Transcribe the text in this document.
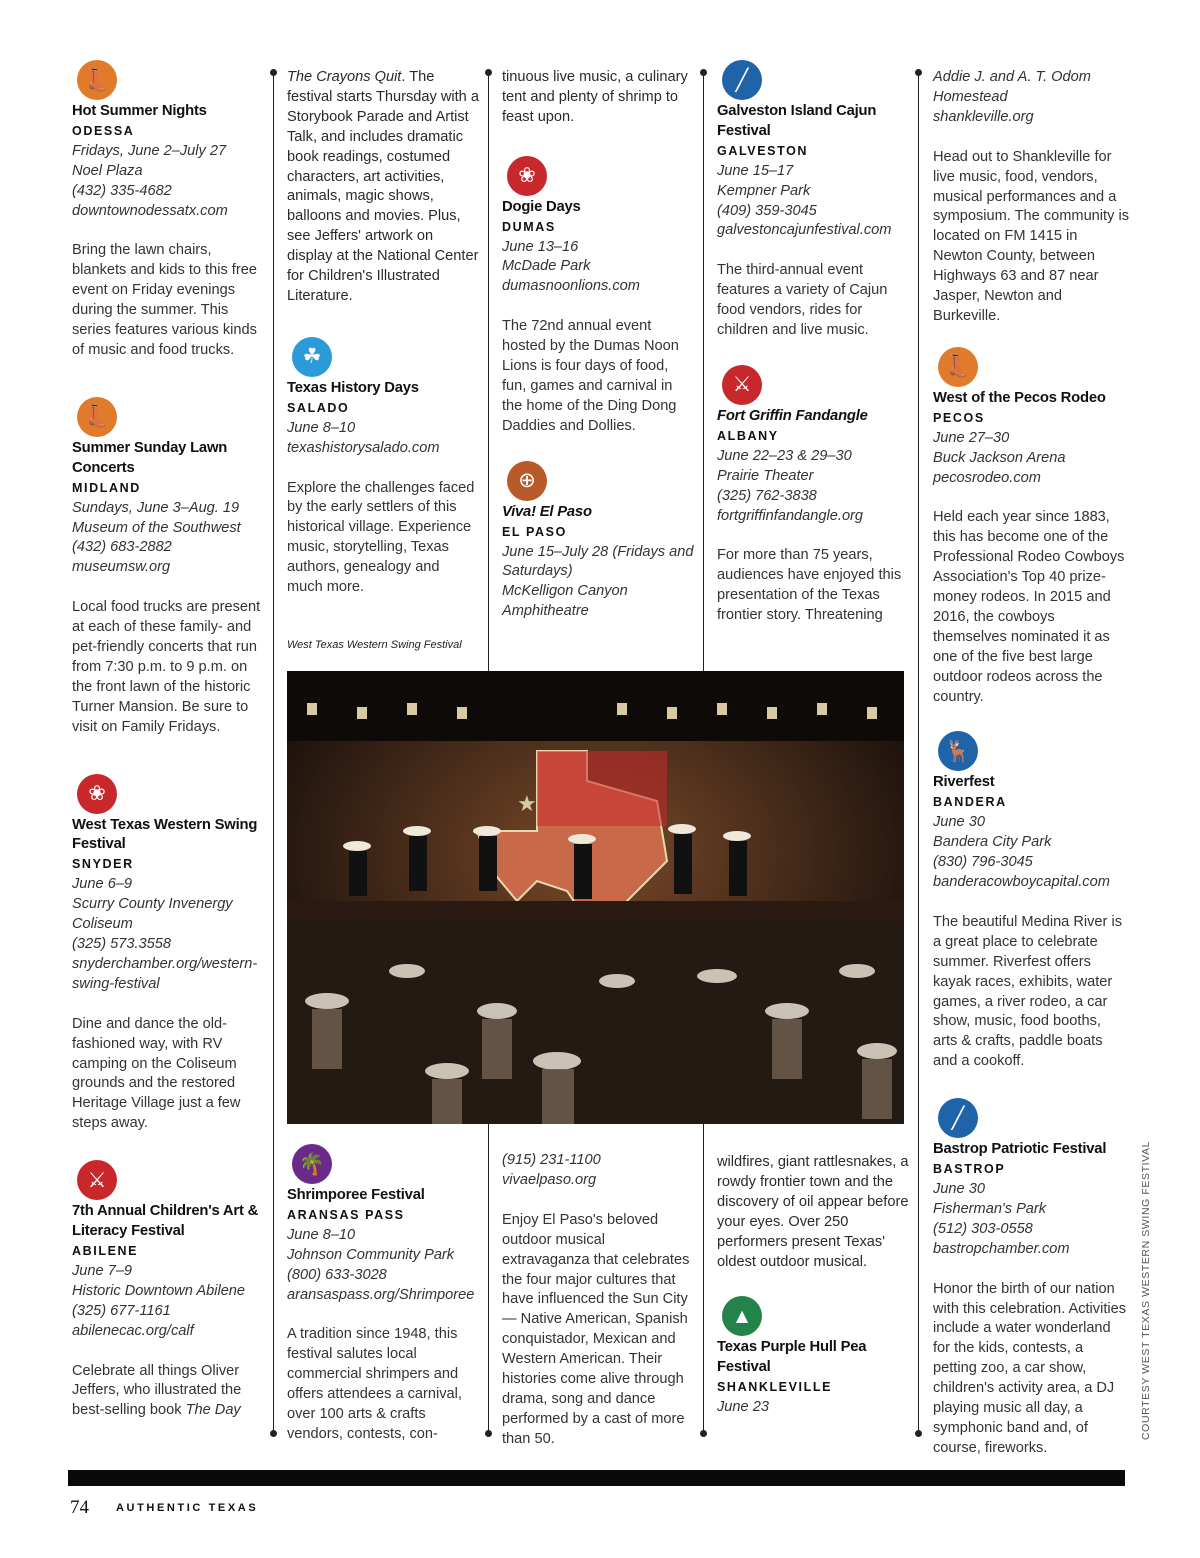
👢
Hot Summer Nights
ODESSA
Fridays, June 2–July 27
Noel Plaza
(432) 335-4682
downtownodessatx.com

Bring the lawn chairs, blankets and kids to this free event on Friday evenings during the summer. This series features various kinds of music and food trucks.

👢
Summer Sunday Lawn Concerts
MIDLAND
Sundays, June 3–Aug. 19
Museum of the Southwest
(432) 683-2882
museumsw.org

Local food trucks are present at each of these family- and pet-friendly concerts that run from 7:30 p.m. to 9 p.m. on the front lawn of the historic Turner Mansion. Be sure to visit on Family Fridays.

❀
West Texas Western Swing Festival
SNYDER
June 6–9
Scurry County Invenergy Coliseum
(325) 573.3558
snyderchamber.org/western-swing-festival

Dine and dance the old-fashioned way, with RV camping on the Coliseum grounds and the restored Heritage Village just a few steps away.

⚔
7th Annual Children's Art & Literacy Festival
ABILENE
June 7–9
Historic Downtown Abilene
(325) 677-1161
abilenecac.org/calf

Celebrate all things Oliver Jeffers, who illustrated the best-selling book The Day

The Crayons Quit. The festival starts Thursday with a Storybook Parade and Artist Talk, and includes dramatic book readings, costumed characters, art activities, animals, magic shows, balloons and movies. Plus, see Jeffers' artwork on display at the National Center for Children's Illustrated Literature.

☘
Texas History Days
SALADO
June 8–10
texashistorysalado.com

Explore the challenges faced by the early settlers of this historical village. Experience music, storytelling, Texas authors, genealogy and much more.

West Texas Western Swing Festival
🌴
Shrimporee Festival
ARANSAS PASS
June 8–10
Johnson Community Park
(800) 633-3028
aransaspass.org/Shrimporee

A tradition since 1948, this festival salutes local commercial shrimpers and offers attendees a carnival, over 100 arts & crafts vendors, contests, con-

tinuous live music, a culinary tent and plenty of shrimp to feast upon.

❀
Dogie Days
DUMAS
June 13–16
McDade Park
dumasnoonlions.com

The 72nd annual event hosted by the Dumas Noon Lions is four days of food, fun, games and carnival in the home of the Ding Dong Daddies and Dollies.

⊕
Viva! El Paso
EL PASO
June 15–July 28 (Fridays and Saturdays)
McKelligon Canyon Amphitheatre
(915) 231-1100
vivaelpaso.org

Enjoy El Paso's beloved outdoor musical extravaganza that celebrates the four major cultures that have influenced the Sun City — Native American, Spanish conquistador, Mexican and Western American. Their histories come alive through drama, song and dance performed by a cast of more than 50.

╱
Galveston Island Cajun Festival
GALVESTON
June 15–17
Kempner Park
(409) 359-3045
galvestoncajunfestival.com

The third-annual event features a variety of Cajun food vendors, rides for children and live music.

⚔
Fort Griffin Fandangle
ALBANY
June 22–23 & 29–30
Prairie Theater
(325) 762-3838
fortgriffinfandangle.org

For more than 75 years, audiences have enjoyed this presentation of the Texas frontier story. Threatening

wildfires, giant rattlesnakes, a rowdy frontier town and the discovery of oil appear before your eyes. Over 250 performers present Texas' oldest outdoor musical.

▲
Texas Purple Hull Pea Festival
SHANKLEVILLE
June 23
Addie J. and A. T. Odom Homestead
shankleville.org

Head out to Shankleville for live music, food, vendors, musical performances and a symposium. The community is located on FM 1415 in Newton County, between Highways 63 and 87 near Jasper, Newton and Burkeville.

👢
West of the Pecos Rodeo
PECOS
June 27–30
Buck Jackson Arena
pecosrodeo.com

Held each year since 1883, this has become one of the Professional Rodeo Cowboys Association's Top 40 prize-money rodeos. In 2015 and 2016, the cowboys themselves nominated it as one of the five best large outdoor rodeos across the country.

🦌
Riverfest
BANDERA
June 30
Bandera City Park
(830) 796-3045
banderacowboycapital.com

The beautiful Medina River is a great place to celebrate summer. Riverfest offers kayak races, exhibits, water games, a river rodeo, a car show, music, food booths, arts & crafts, paddle boats and a cookoff.

╱
Bastrop Patriotic Festival
BASTROP
June 30
Fisherman's Park
(512) 303-0558
bastropchamber.com

Honor the birth of our nation with this celebration. Activities include a water wonderland for the kids, contests, a petting zoo, a car show, children's activity area, a DJ playing music all day, a symphonic band and, of course, fireworks.

★
COURTESY WEST TEXAS WESTERN SWING FESTIVAL
74 AUTHENTIC TEXAS
